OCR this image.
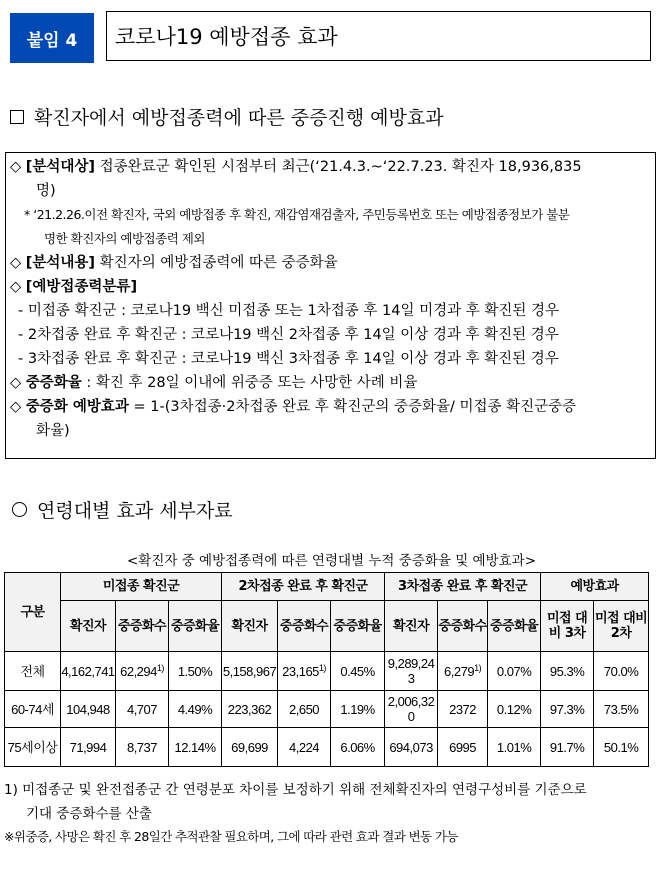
붙임 4	코로나19 예방접종 효과
확진자에서 예방접종력에 따른 중증진행 예방효과
◇ [분석대상] 접종완료군 확인된 시점부터 최근(‘21.4.3.~‘22.7.23. 확진자 18,936,835
명)
* ‘21.2.26.이전 확진자, 국외 예방접종 후 확진, 재감염재검출자, 주민등록번호 또는 예방접종정보가 불분
명한 확진자의 예방접종력 제외
◇ [분석내용] 확진자의 예방접종력에 따른 중증화율
◇ [예방접종력분류]
- 미접종 확진군 : 코로나19 백신 미접종 또는 1차접종 후 14일 미경과 후 확진된 경우
- 2차접종 완료 후 확진군 : 코로나19 백신 2차접종 후 14일 이상 경과 후 확진된 경우
- 3차접종 완료 후 확진군 : 코로나19 백신 3차접종 후 14일 이상 경과 후 확진된 경우
◇ 중증화율 : 확진 후 28일 이내에 위중증 또는 사망한 사례 비율
◇ 중증화 예방효과 = 1-(3차접종·2차접종 완료 후 확진군의 중증화율/ 미접종 확진군중증
화율)
연령대별 효과 세부자료
<확진자 중 예방접종력에 따른 연령대별 누적 중증화율 및 예방효과>
구분	미접종 확진군			2차접종 완료 후 확진군			3차접종 완료 후 확진군			예방효과	
	확진자	중증화수	중증화율	확진자	중증화수	중증화율	확진자	중증화수	중증화율	미접 대비 3차	미접 대비 2차
전체	4,162,741	62,294$^{1)}$	1.50%	5,158,967	23,165$^{1)}$	0.45%	9,289,243	6,279$^{1)}$	0.07%	95.3%	70.0%
60-74세	104,948	4,707	4.49%	223,362	2,650	1.19%	2,006,320	2372	0.12%	97.3%	73.5%
75세이상	71,994	8,737	12.14%	69,699	4,224	6.06%	694,073	6995	1.01%	91.7%	50.1%
1) 미접종군 및 완전접종군 간 연령분포 차이를 보정하기 위해 전체확진자의 연령구성비를 기준으로
기대 중증화수를 산출
※위중증, 사망은 확진 후 28일간 추적관찰 필요하며, 그에 따라 관련 효과 결과 변동 가능
